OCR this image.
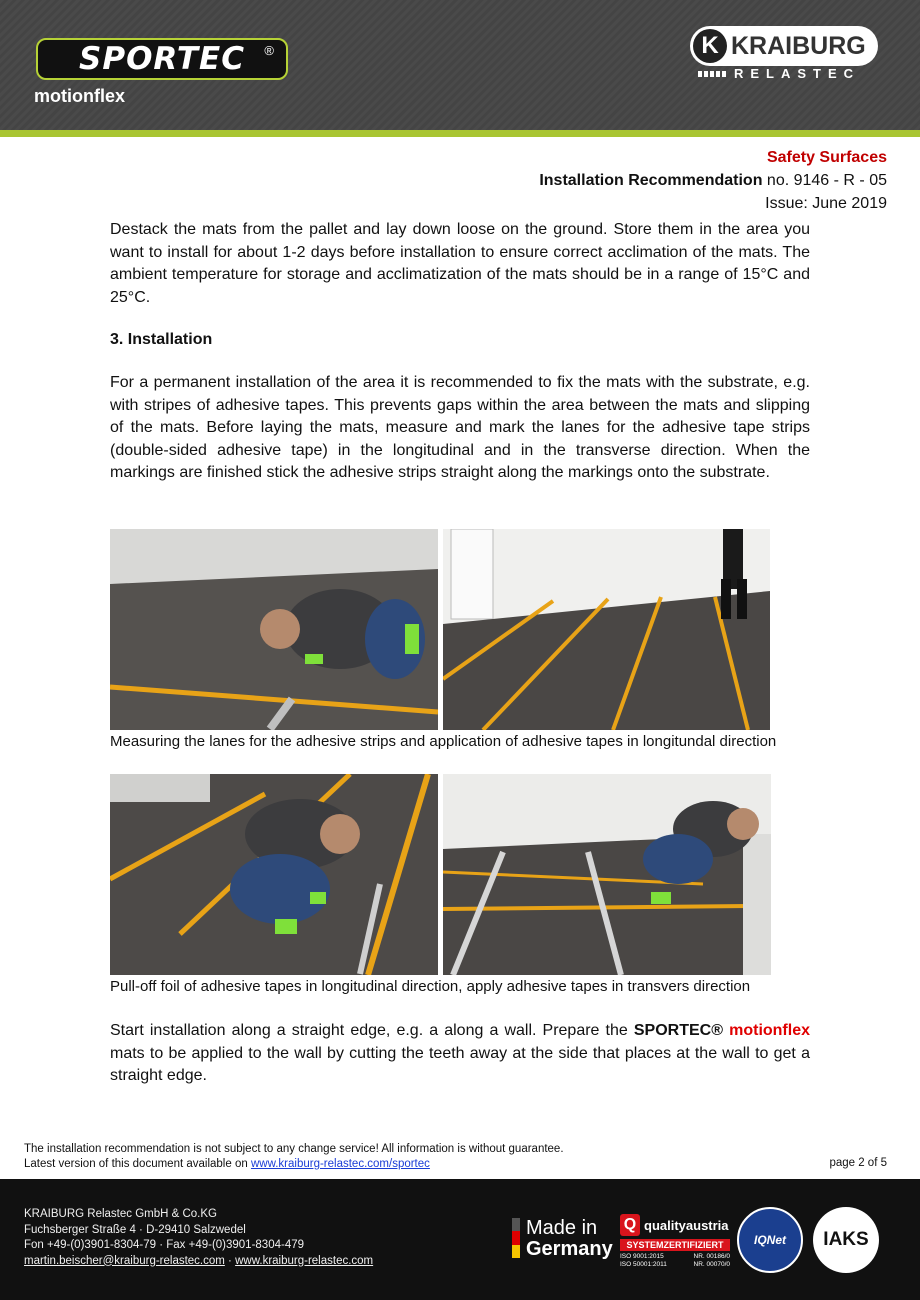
SPORTEC ®
motionflex
K KRAIBURG
RELASTEC
Safety Surfaces
Installation Recommendation no. 9146 - R - 05
Issue: June 2019

Destack the mats from the pallet and lay down loose on the ground. Store them in the area you want to install for about 1-2 days before installation to ensure correct acclimation of the mats. The ambient temperature for storage and acclimatization of the mats should be in a range of 15°C and 25°C.

3. Installation

For a permanent installation of the area it is recommended to fix the mats with the substrate, e.g. with stripes of adhesive tapes. This prevents gaps within the area between the mats and slipping of the mats. Before laying the mats, measure and mark the lanes for the adhesive tape strips (double-sided adhesive tape) in the longitudinal and in the transverse direction. When the markings are finished stick the adhesive strips straight along the markings onto the substrate.

Measuring the lanes for the adhesive strips and application of adhesive tapes in longitundal direction
Pull-off foil of adhesive tapes in longitudinal direction, apply adhesive tapes in transvers direction

Start installation along a straight edge, e.g. a along a wall. Prepare the SPORTEC® motionflex mats to be applied to the wall by cutting the teeth away at the side that places at the wall to get a straight edge.

The installation recommendation is not subject to any change service! All information is without guarantee.
Latest version of this document available on www.kraiburg-relastec.com/sportec	page 2 of 5
KRAIBURG Relastec GmbH & Co.KG
Fuchsberger Straße 4 · D-29410 Salzwedel
Fon +49-(0)3901-8304-79 · Fax +49-(0)3901-8304-479
martin.beischer@kraiburg-relastec.com · www.kraiburg-relastec.com
Made in
Germany
Q qualityaustria
SYSTEMZERTIFIZIERT
ISO 9001:2015	NR. 00186/0
ISO 50001:2011	NR. 00070/0
IQNet IAKS
